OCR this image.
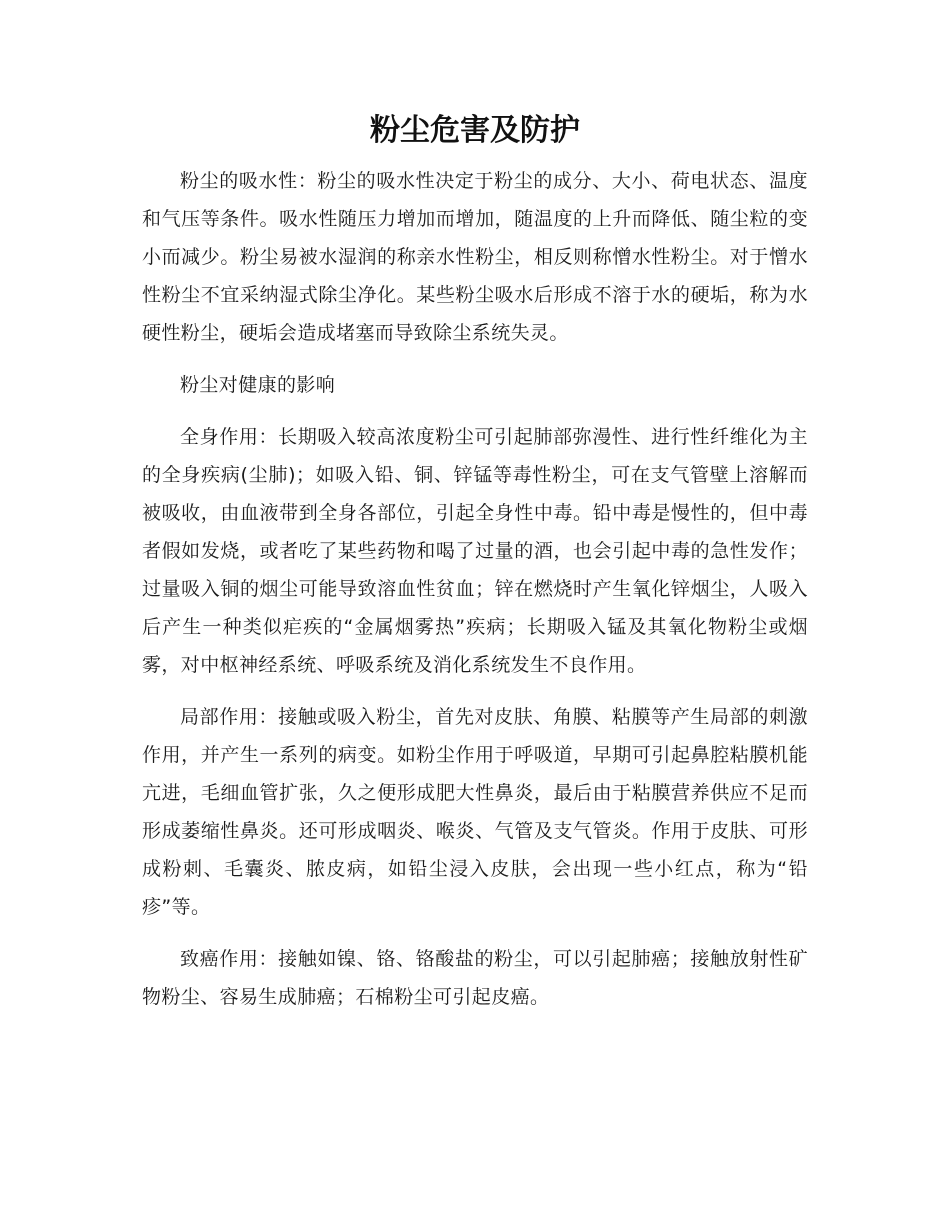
粉尘危害及防护

粉尘的吸水性：粉尘的吸水性决定于粉尘的成分、大小、荷电状态、温度和气压等条件。吸水性随压力增加而增加，随温度的上升而降低、随尘粒的变小而减少。粉尘易被水湿润的称亲水性粉尘，相反则称憎水性粉尘。对于憎水性粉尘不宜采纳湿式除尘净化。某些粉尘吸水后形成不溶于水的硬垢，称为水硬性粉尘，硬垢会造成堵塞而导致除尘系统失灵。

粉尘对健康的影响

全身作用：长期吸入较高浓度粉尘可引起肺部弥漫性、进行性纤维化为主的全身疾病(尘肺)；如吸入铅、铜、锌锰等毒性粉尘，可在支气管壁上溶解而被吸收，由血液带到全身各部位，引起全身性中毒。铅中毒是慢性的，但中毒者假如发烧，或者吃了某些药物和喝了过量的酒，也会引起中毒的急性发作；过量吸入铜的烟尘可能导致溶血性贫血；锌在燃烧时产生氧化锌烟尘，人吸入后产生一种类似疟疾的“金属烟雾热”疾病；长期吸入锰及其氧化物粉尘或烟雾，对中枢神经系统、呼吸系统及消化系统发生不良作用。

局部作用：接触或吸入粉尘，首先对皮肤、角膜、粘膜等产生局部的刺激作用，并产生一系列的病变。如粉尘作用于呼吸道，早期可引起鼻腔粘膜机能亢进，毛细血管扩张，久之便形成肥大性鼻炎，最后由于粘膜营养供应不足而形成萎缩性鼻炎。还可形成咽炎、喉炎、气管及支气管炎。作用于皮肤、可形成粉刺、毛囊炎、脓皮病，如铅尘浸入皮肤，会出现一些小红点，称为“铅疹”等。

致癌作用：接触如镍、铬、铬酸盐的粉尘，可以引起肺癌；接触放射性矿物粉尘、容易生成肺癌；石棉粉尘可引起皮癌。
